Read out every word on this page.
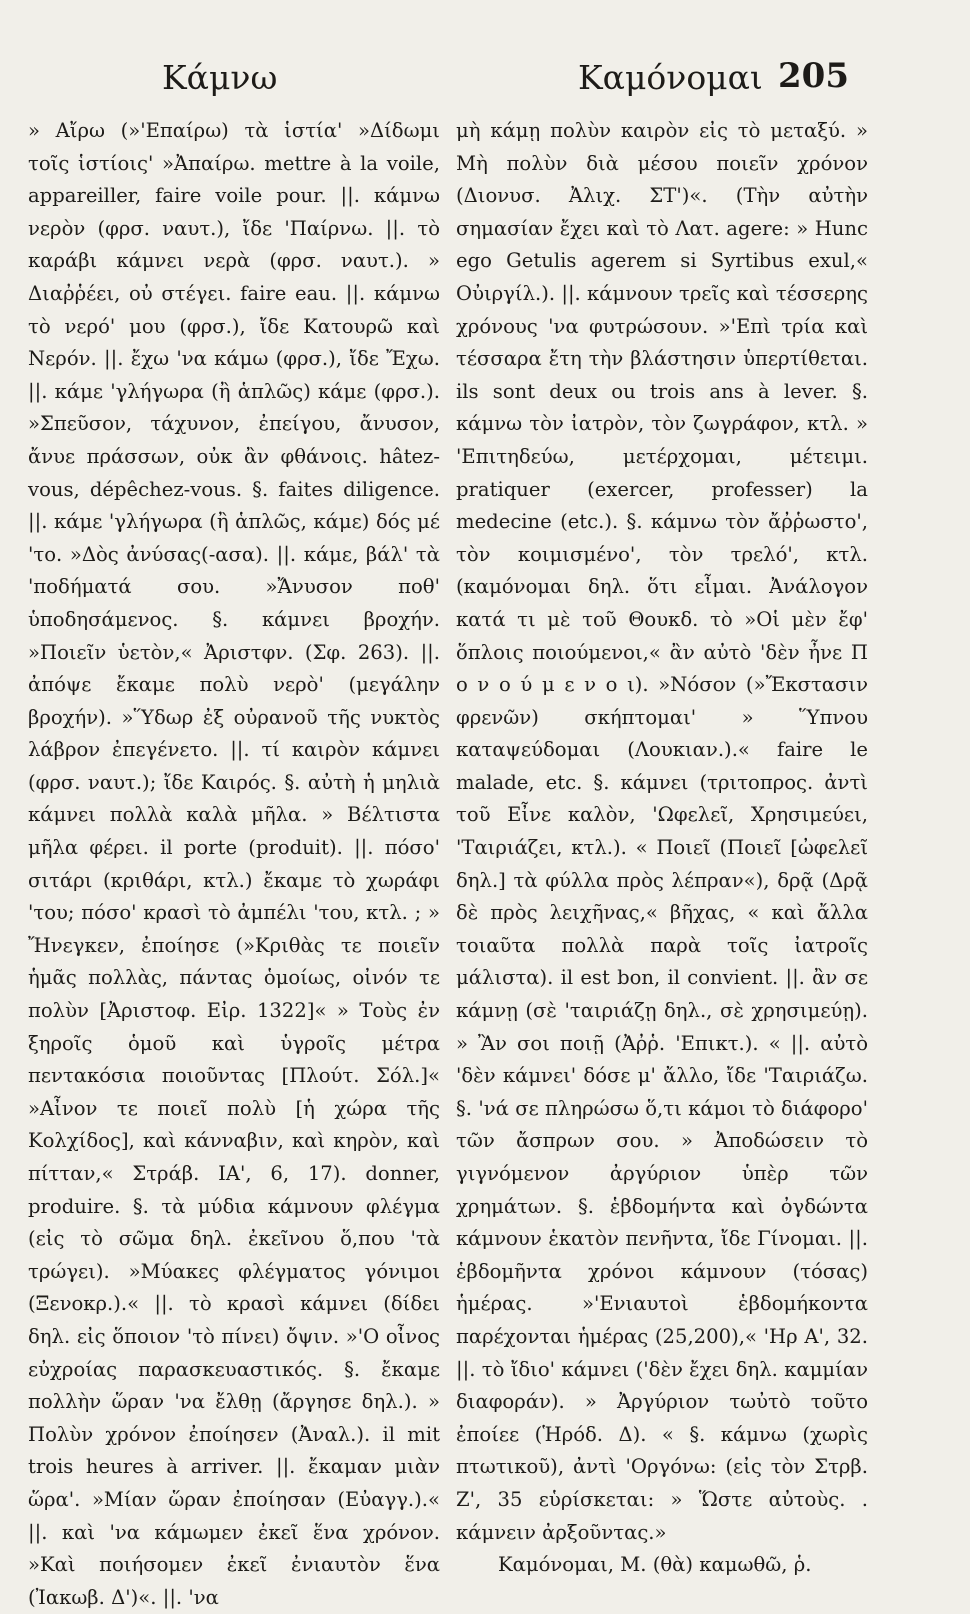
Κάμνω	Καμόνομαι 205

» Αἴρω (»'Επαίρω) τὰ ἱστία' »Δίδωμι τοῖς ἱστίοις' »Ἀπαίρω. mettre à la voile, appareiller, faire voile pour. ||. κάμνω νερὸν (φρσ. ναυτ.), ἴδε 'Παίρνω. ||. τὸ καράβι κάμνει νερὰ (φρσ. ναυτ.). » Διαῤῥέει, οὐ στέγει. faire eau. ||. κάμνω τὸ νερό' μου (φρσ.), ἴδε Κατουρῶ καὶ Νερόν. ||. ἔχω 'να κάμω (φρσ.), ἴδε Ἔχω. ||. κάμε 'γλήγωρα (ἢ ἁπλῶς) κάμε (φρσ.). »Σπεῦσον, τάχυνον, ἐπείγου, ἄνυσον, ἄνυε πράσσων, οὐκ ἂν φθάνοις. hâtez-vous, dépêchez-vous. §. faites diligence. ||. κάμε 'γλήγωρα (ἢ ἁπλῶς, κάμε) δός μέ 'το. »Δὸς ἀνύσας(-ασα). ||. κάμε, βάλ' τὰ 'ποδήματά σου. »Ἄνυσον ποθ' ὑποδησάμενος. §. κάμνει βροχήν. »Ποιεῖν ὑετὸν,« Ἀριστφν. (Σφ. 263). ||. ἀπόψε ἔκαμε πολὺ νερὸ' (μεγάλην βροχήν). »Ὕδωρ ἐξ οὐρανοῦ τῆς νυκτὸς λάβρον ἐπεγένετο. ||. τί καιρὸν κάμνει (φρσ. ναυτ.); ἴδε Καιρός. §. αὐτὴ ἡ μηλιὰ κάμνει πολλὰ καλὰ μῆλα. » Βέλτιστα μῆλα φέρει. il porte (produit). ||. πόσο' σιτάρι (κριθάρι, κτλ.) ἔκαμε τὸ χωράφι 'του; πόσο' κρασὶ τὸ ἀμπέλι 'του, κτλ. ; » Ἤνεγκεν, ἐποίησε (»Κριθὰς τε ποιεῖν ἡμᾶς πολλὰς, πάντας ὁμοίως, οἰνόν τε πολὺν [Ἀριστοφ. Εἰρ. 1322]« » Τοὺς ἐν ξηροῖς ὁμοῦ καὶ ὑγροῖς μέτρα πεντακόσια ποιοῦντας [Πλούτ. Σόλ.]« »Αἶνον τε ποιεῖ πολὺ [ἡ χώρα τῆς Κολχίδος], καὶ κάνναβιν, καὶ κηρὸν, καὶ πίτταν,« Στράβ. ΙΑ', 6, 17). donner, produire. §. τὰ μύδια κάμνουν φλέγμα (εἰς τὸ σῶμα δηλ. ἐκεῖνου ὅ,που 'τὰ τρώγει). »Μύακες φλέγματος γόνιμοι (Ξενοκρ.).« ||. τὸ κρασὶ κάμνει (δίδει δηλ. εἰς ὅποιον 'τὸ πίνει) ὄψιν. »'Ο οἶνος εὐχροίας παρασκευαστικός. §. ἔκαμε πολλὴν ὥραν 'να ἔλθῃ (ἄργησε δηλ.). » Πολὺν χρόνον ἐποίησεν (Ἀναλ.). il mit trois heures à arriver. ||. ἔκαμαν μιὰν ὥρα'. »Μίαν ὥραν ἐποίησαν (Εὐαγγ.).« ||. καὶ 'να κάμωμεν ἐκεῖ ἕνα χρόνον. »Καὶ ποιήσομεν ἐκεῖ ἐνιαυτὸν ἕνα (Ἰακωβ. Δ')«. ||. 'να

μὴ κάμῃ πολὺν καιρὸν εἰς τὸ μεταξύ. » Μὴ πολὺν διὰ μέσου ποιεῖν χρόνον (Διονυσ. Ἀλιχ. ΣΤ')«. (Τὴν αὐτὴν σημασίαν ἔχει καὶ τὸ Λατ. agere: » Hunc ego Getulis agerem si Syrtibus exul,« Οὐιργίλ.). ||. κάμνουν τρεῖς καὶ τέσσερης χρόνους 'να φυτρώσουν. »'Επὶ τρία καὶ τέσσαρα ἔτη τὴν βλάστησιν ὑπερτίθεται. ils sont deux ou trois ans à lever. §. κάμνω τὸν ἰατρὸν, τὸν ζωγράφον, κτλ. » 'Επιτηδεύω, μετέρχομαι, μέτειμι. pratiquer (exercer, professer) la medecine (etc.). §. κάμνω τὸν ἄῤῥωστο', τὸν κοιμισμένο', τὸν τρελό', κτλ. (καμόνομαι δηλ. ὅτι εἶμαι. Ἀνάλογον κατά τι μὲ τοῦ Θουκδ. τὸ »Οἱ μὲν ἔφ' ὅπλοις ποιούμενοι,« ἂν αὐτὸ 'δὲν ἦνε Π ο ν ο ύ μ ε ν ο ι). »Νόσον (»Ἔκστασιν φρενῶν) σκήπτομαι' » Ὕπνου καταψεύδομαι (Λουκιαν.).« faire le malade, etc. §. κάμνει (τριτοπρος. ἀντὶ τοῦ Εἶνε καλὸν, 'Ωφελεῖ, Χρησιμεύει, 'Ταιριάζει, κτλ.). « Ποιεῖ (Ποιεῖ [ὠφελεῖ δηλ.] τὰ φύλλα πρὸς λέπραν«), δρᾷ (Δρᾷ δὲ πρὸς λειχῆνας,« βῆχας, « καὶ ἄλλα τοιαῦτα πολλὰ παρὰ τοῖς ἰατροῖς μάλιστα). il est bon, il convient. ||. ἂν σε κάμνῃ (σὲ 'ταιριάζῃ δηλ., σὲ χρησιμεύῃ). » Ἂν σοι ποιῇ (Ἀῤῥ. 'Επικτ.). « ||. αὐτὸ 'δὲν κάμνει' δόσε μ' ἄλλο, ἴδε 'Ταιριάζω. §. 'νά σε πληρώσω ὅ,τι κάμοι τὸ διάφορο' τῶν ἄσπρων σου. » Ἀποδώσειν τὸ γιγνόμενον ἀργύριον ὑπὲρ τῶν χρημάτων. §. ἑβδομήντα καὶ ὀγδώντα κάμνουν ἑκατὸν πενῆντα, ἴδε Γίνομαι. ||. ἑβδομῆντα χρόνοι κάμνουν (τόσας) ἡμέρας. »'Ενιαυτοὶ ἑβδομήκοντα παρέχονται ἡμέρας (25,200),« 'Ηρ Α', 32. ||. τὸ ἴδιο' κάμνει ('δὲν ἔχει δηλ. καμμίαν διαφοράν). » Ἀργύριον τωὐτὸ τοῦτο ἐποίεε (Ἡρόδ. Δ). « §. κάμνω (χωρὶς πτωτικοῦ), ἀντὶ 'Οργόνω: (εἰς τὸν Στρβ. Ζ', 35 εὑρίσκεται: » Ὥστε αὐτοὺς. . κάμνειν ἀρξοῦντας.»

Καμόνομαι, Μ. (θὰ) καμωθῶ, ῥ.
